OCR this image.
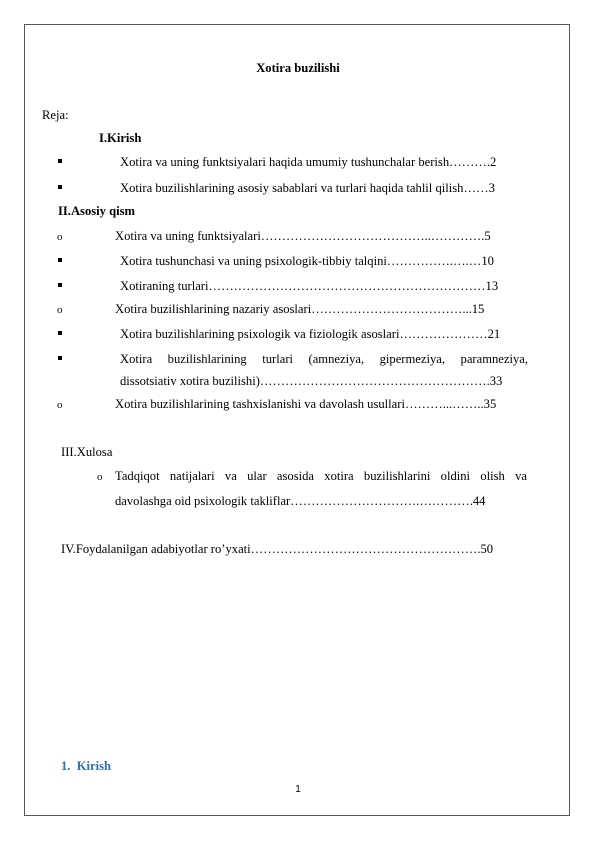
Xotira buzilishi
Reja:
I.Kirish
Xotira va uning funktsiyalari haqida umumiy tushunchalar berish……….2
Xotira buzilishlarining asosiy sabablari va turlari haqida tahlil qilish……3
II.Asosiy qism
o	Xotira va uning funktsiyalari…………………………………..………….5
Xotira tushunchasi va uning psixologik-tibbiy talqini…………….….…10
Xotiraning turlari…………………………………………………………13
o	Xotira buzilishlarining nazariy asoslari………………………………...15
Xotira buzilishlarining psixologik va fiziologik asoslari…………………21
Xotira buzilishlarining turlari (amneziya, gipermeziya, paramneziya,
dissotsiativ xotira buzilishi)……………………………………………….33
o	Xotira buzilishlarining tashxislanishi va davolash usullari………...……..35
III.Xulosa
o Tadqiqot natijalari va ular asosida xotira buzilishlarini oldini olish va
davolashga oid psixologik takliflar………………………….………….44
IV.Foydalanilgan adabiyotlar ro’yxati……………………………………………….50
1. Kirish
1
